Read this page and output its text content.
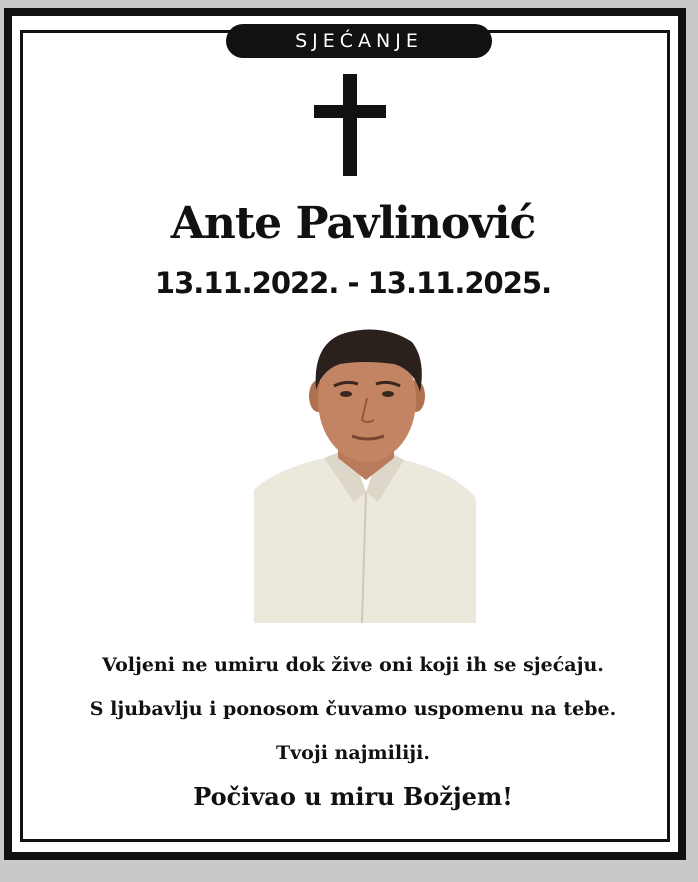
SJEĆANJE
Ante Pavlinović
13.11.2022. - 13.11.2025.
Voljeni ne umiru dok žive oni koji ih se sjećaju.
S ljubavlju i ponosom čuvamo uspomenu na tebe.
Tvoji najmiliji.
Počivao u miru Božjem!
